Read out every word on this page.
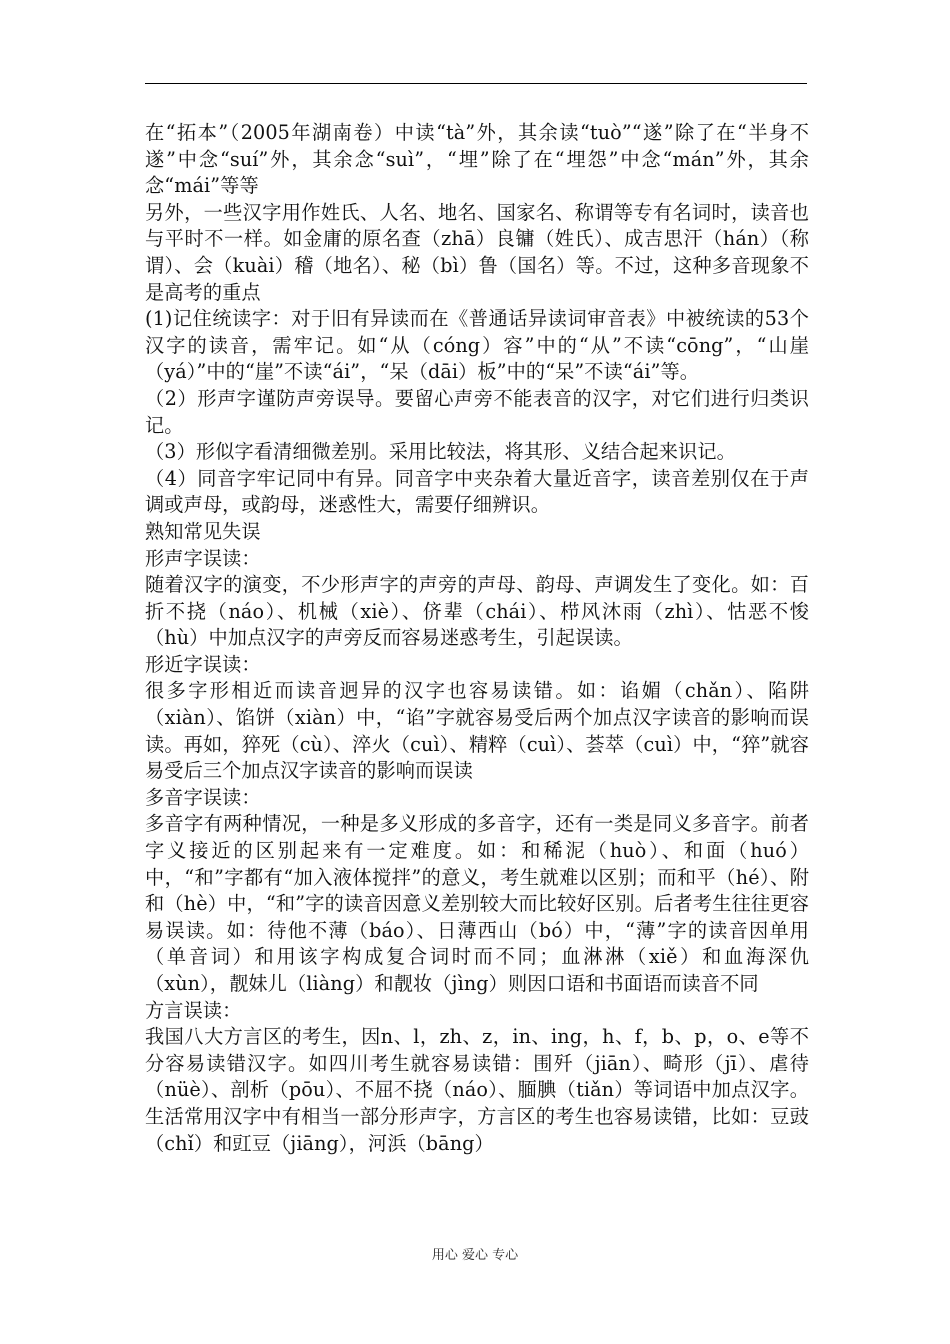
在“拓本”（2005年湖南卷）中读“tà”外，其余读“tuò”“遂”除了在“半身不遂”中念“suí”外，其余念“suì”，“埋”除了在“埋怨”中念“mán”外，其余念“mái”等等

另外，一些汉字用作姓氏、人名、地名、国家名、称谓等专有名词时，读音也与平时不一样。如金庸的原名查（zhā）良镛（姓氏）、成吉思汗（hán）（称谓）、会（kuài）稽（地名）、秘（bì）鲁（国名）等。不过，这种多音现象不是高考的重点

(1)记住统读字：对于旧有异读而在《普通话异读词审音表》中被统读的53个汉字的读音，需牢记。如“从（cóng）容”中的“从”不读“cōng”，“山崖（yá）”中的“崖”不读“ái”，“呆（dāi）板”中的“呆”不读“ái”等。

（2）形声字谨防声旁误导。要留心声旁不能表音的汉字，对它们进行归类识记。

（3）形似字看清细微差别。采用比较法，将其形、义结合起来识记。

（4）同音字牢记同中有异。同音字中夹杂着大量近音字，读音差别仅在于声调或声母，或韵母，迷惑性大，需要仔细辨识。

熟知常见失误

形声字误读：

随着汉字的演变，不少形声字的声旁的声母、韵母、声调发生了变化。如：百折不挠（náo）、机械（xiè）、侪辈（chái）、栉风沐雨（zhì）、怙恶不悛（hù）中加点汉字的声旁反而容易迷惑考生，引起误读。

形近字误读：

很多字形相近而读音迥异的汉字也容易读错。如：谄媚（chǎn）、陷阱（xiàn）、馅饼（xiàn）中，“谄”字就容易受后两个加点汉字读音的影响而误读。再如，猝死（cù）、淬火（cuì）、精粹（cuì）、荟萃（cuì）中，“猝”就容易受后三个加点汉字读音的影响而误读

多音字误读：

多音字有两种情况，一种是多义形成的多音字，还有一类是同义多音字。前者字义接近的区别起来有一定难度。如：和稀泥（huò）、和面（huó）中，“和”字都有“加入液体搅拌”的意义，考生就难以区别；而和平（hé）、附和（hè）中，“和”字的读音因意义差别较大而比较好区别。后者考生往往更容易误读。如：待他不薄（báo）、日薄西山（bó）中，“薄”字的读音因单用（单音词）和用该字构成复合词时而不同；血淋淋（xiě）和血海深仇（xùn），靓妹儿（liàng）和靓妆（jìng）则因口语和书面语而读音不同

方言误读：

我国八大方言区的考生，因n、l，zh、z，in、ing，h、f，b、p，o、e等不分容易读错汉字。如四川考生就容易读错：围歼（jiān）、畸形（jī）、虐待（nüè）、剖析（pōu）、不屈不挠（náo）、腼腆（tiǎn）等词语中加点汉字。生活常用汉字中有相当一部分形声字，方言区的考生也容易读错，比如：豆豉（chǐ）和豇豆（jiāng），河浜（bāng）

用心 爱心 专心
